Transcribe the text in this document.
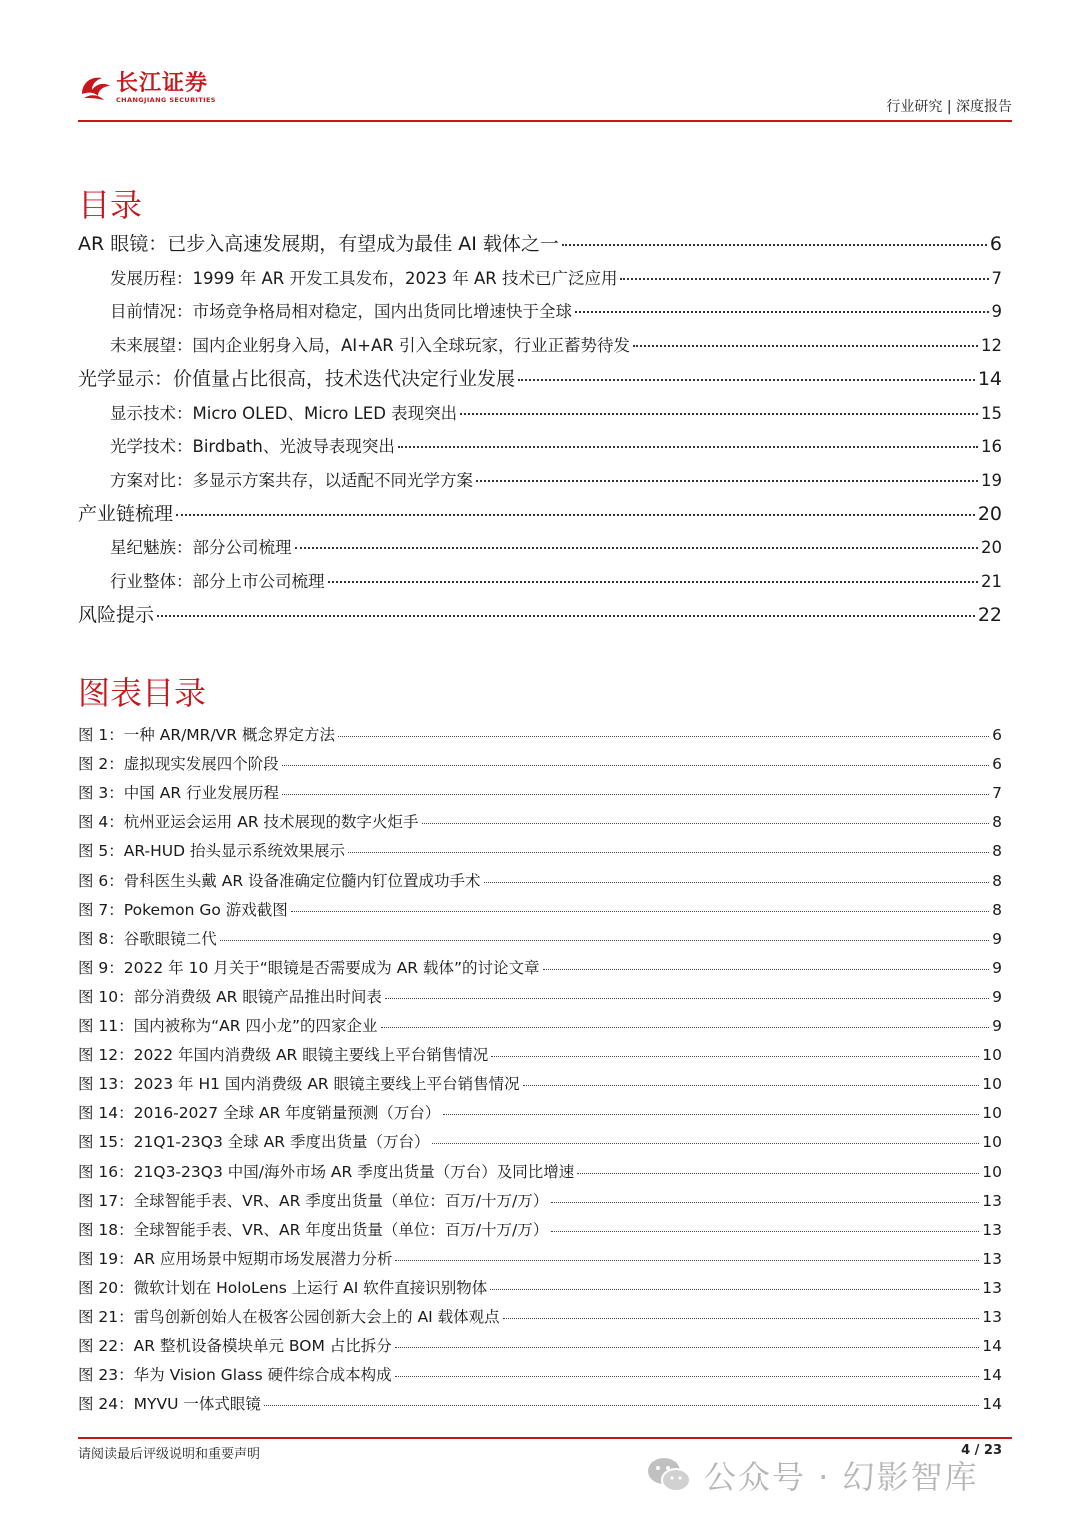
长江证券
CHANGJIANG SECURITIES	行业研究 | 深度报告
目录
AR 眼镜：已步入高速发展期，有望成为最佳 AI 载体之一	6
发展历程：1999 年 AR 开发工具发布，2023 年 AR 技术已广泛应用	7
目前情况：市场竞争格局相对稳定，国内出货同比增速快于全球	9
未来展望：国内企业躬身入局，AI+AR 引入全球玩家，行业正蓄势待发	12
光学显示：价值量占比很高，技术迭代决定行业发展	14
显示技术：Micro OLED、Micro LED 表现突出	15
光学技术：Birdbath、光波导表现突出	16
方案对比：多显示方案共存，以适配不同光学方案	19
产业链梳理	20
星纪魅族：部分公司梳理	20
行业整体：部分上市公司梳理	21
风险提示	22
图表目录
图 1：一种 AR/MR/VR 概念界定方法	6
图 2：虚拟现实发展四个阶段	6
图 3：中国 AR 行业发展历程	7
图 4：杭州亚运会运用 AR 技术展现的数字火炬手	8
图 5：AR-HUD 抬头显示系统效果展示	8
图 6：骨科医生头戴 AR 设备准确定位髓内钉位置成功手术	8
图 7：Pokemon Go 游戏截图	8
图 8：谷歌眼镜二代	9
图 9：2022 年 10 月关于“眼镜是否需要成为 AR 载体”的讨论文章	9
图 10：部分消费级 AR 眼镜产品推出时间表	9
图 11：国内被称为“AR 四小龙”的四家企业	9
图 12：2022 年国内消费级 AR 眼镜主要线上平台销售情况	10
图 13：2023 年 H1 国内消费级 AR 眼镜主要线上平台销售情况	10
图 14：2016-2027 全球 AR 年度销量预测（万台）	10
图 15：21Q1-23Q3 全球 AR 季度出货量（万台）	10
图 16：21Q3-23Q3 中国/海外市场 AR 季度出货量（万台）及同比增速	10
图 17：全球智能手表、VR、AR 季度出货量（单位：百万/十万/万）	13
图 18：全球智能手表、VR、AR 年度出货量（单位：百万/十万/万）	13
图 19：AR 应用场景中短期市场发展潜力分析	13
图 20：微软计划在 HoloLens 上运行 AI 软件直接识别物体	13
图 21：雷鸟创新创始人在极客公园创新大会上的 AI 载体观点	13
图 22：AR 整机设备模块单元 BOM 占比拆分	14
图 23：华为 Vision Glass 硬件综合成本构成	14
图 24：MYVU 一体式眼镜	14
请阅读最后评级说明和重要声明	4 / 23
公众号 · 幻影智库
